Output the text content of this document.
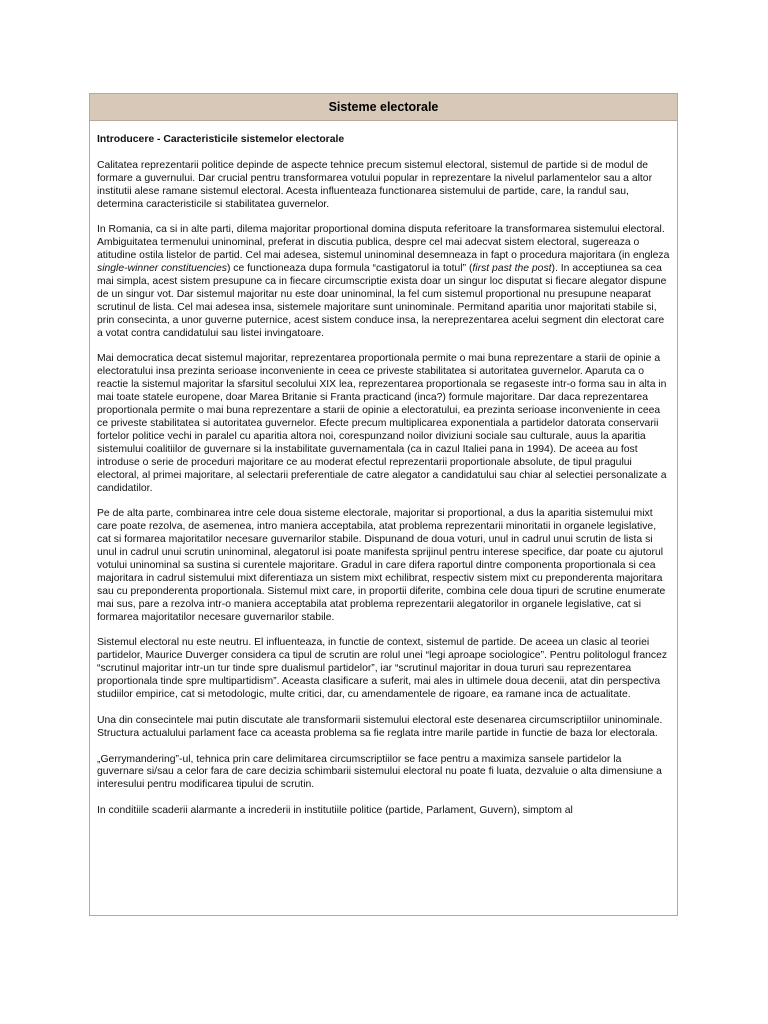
Sisteme electorale

Introducere - Caracteristicile sistemelor electorale

Calitatea reprezentarii politice depinde de aspecte tehnice precum sistemul electoral, sistemul de partide si de modul de formare a guvernului. Dar crucial pentru transformarea votului popular in reprezentare la nivelul parlamentelor sau a altor institutii alese ramane sistemul electoral. Acesta influenteaza functionarea sistemului de partide, care, la randul sau, determina caracteristicile si stabilitatea guvernelor.

In Romania, ca si in alte parti, dilema majoritar proportional domina disputa referitoare la transformarea sistemului electoral. Ambiguitatea termenului uninominal, preferat in discutia publica, despre cel mai adecvat sistem electoral, sugereaza o atitudine ostila listelor de partid. Cel mai adesea, sistemul uninominal desemneaza in fapt o procedura majoritara (in engleza single-winner constituencies) ce functioneaza dupa formula “castigatorul ia totul” (first past the post). In acceptiunea sa cea mai simpla, acest sistem presupune ca in fiecare circumscriptie exista doar un singur loc disputat si fiecare alegator dispune de un singur vot. Dar sistemul majoritar nu este doar uninominal, la fel cum sistemul proportional nu presupune neaparat scrutinul de lista. Cel mai adesea insa, sistemele majoritare sunt uninominale. Permitand aparitia unor majoritati stabile si, prin consecinta, a unor guverne puternice, acest sistem conduce insa, la nereprezentarea acelui segment din electorat care a votat contra candidatului sau listei invingatoare.

Mai democratica decat sistemul majoritar, reprezentarea proportionala permite o mai buna reprezentare a starii de opinie a electoratului insa prezinta serioase inconveniente in ceea ce priveste stabilitatea si autoritatea guvernelor. Aparuta ca o reactie la sistemul majoritar la sfarsitul secolului XIX lea, reprezentarea proportionala se regaseste intr-o forma sau in alta in mai toate statele europene, doar Marea Britanie si Franta practicand (inca?) formule majoritare. Dar daca reprezentarea proportionala permite o mai buna reprezentare a starii de opinie a electoratului, ea prezinta serioase inconveniente in ceea ce priveste stabilitatea si autoritatea guvernelor. Efecte precum multiplicarea exponentiala a partidelor datorata conservarii fortelor politice vechi in paralel cu aparitia altora noi, corespunzand noilor diviziuni sociale sau culturale, auus la aparitia sistemului coalitiilor de guvernare si la instabilitate guvernamentala (ca in cazul Italiei pana in 1994). De aceea au fost introduse o serie de proceduri majoritare ce au moderat efectul reprezentarii proportionale absolute, de tipul pragului electoral, al primei majoritare, al selectarii preferentiale de catre alegator a candidatului sau chiar al selectiei personalizate a candidatilor.

Pe de alta parte, combinarea intre cele doua sisteme electorale, majoritar si proportional, a dus la aparitia sistemului mixt care poate rezolva, de asemenea, intro maniera acceptabila, atat problema reprezentarii minoritatii in organele legislative, cat si formarea majoritatilor necesare guvernarilor stabile. Dispunand de doua voturi, unul in cadrul unui scrutin de lista si unul in cadrul unui scrutin uninominal, alegatorul isi poate manifesta sprijinul pentru interese specifice, dar poate cu ajutorul votului uninominal sa sustina si curentele majoritare. Gradul in care difera raportul dintre componenta proportionala si cea majoritara in cadrul sistemului mixt diferentiaza un sistem mixt echilibrat, respectiv sistem mixt cu preponderenta majoritara sau cu preponderenta proportionala. Sistemul mixt care, in proportii diferite, combina cele doua tipuri de scrutine enumerate mai sus, pare a rezolva intr-o maniera acceptabila atat problema reprezentarii alegatorilor in organele legislative, cat si formarea majoritatilor necesare guvernarilor stabile.

Sistemul electoral nu este neutru. El influenteaza, in functie de context, sistemul de partide. De aceea un clasic al teoriei partidelor, Maurice Duverger considera ca tipul de scrutin are rolul unei “legi aproape sociologice”. Pentru politologul francez “scrutinul majoritar intr-un tur tinde spre dualismul partidelor”, iar “scrutinul majoritar in doua tururi sau reprezentarea proportionala tinde spre multipartidism”. Aceasta clasificare a suferit, mai ales in ultimele doua decenii, atat din perspectiva studiilor empirice, cat si metodologic, multe critici, dar, cu amendamentele de rigoare, ea ramane inca de actualitate.

Una din consecintele mai putin discutate ale transformarii sistemului electoral este desenarea circumscriptiilor uninominale. Structura actualului parlament face ca aceasta problema sa fie reglata intre marile partide in functie de baza lor electorala.

„Gerrymandering”-ul, tehnica prin care delimitarea circumscriptiilor se face pentru a maximiza sansele partidelor la guvernare si/sau a celor fara de care decizia schimbarii sistemului electoral nu poate fi luata, dezvaluie o alta dimensiune a interesului pentru modificarea tipului de scrutin.

In conditiile scaderii alarmante a increderii in institutiile politice (partide, Parlament, Guvern), simptom al
